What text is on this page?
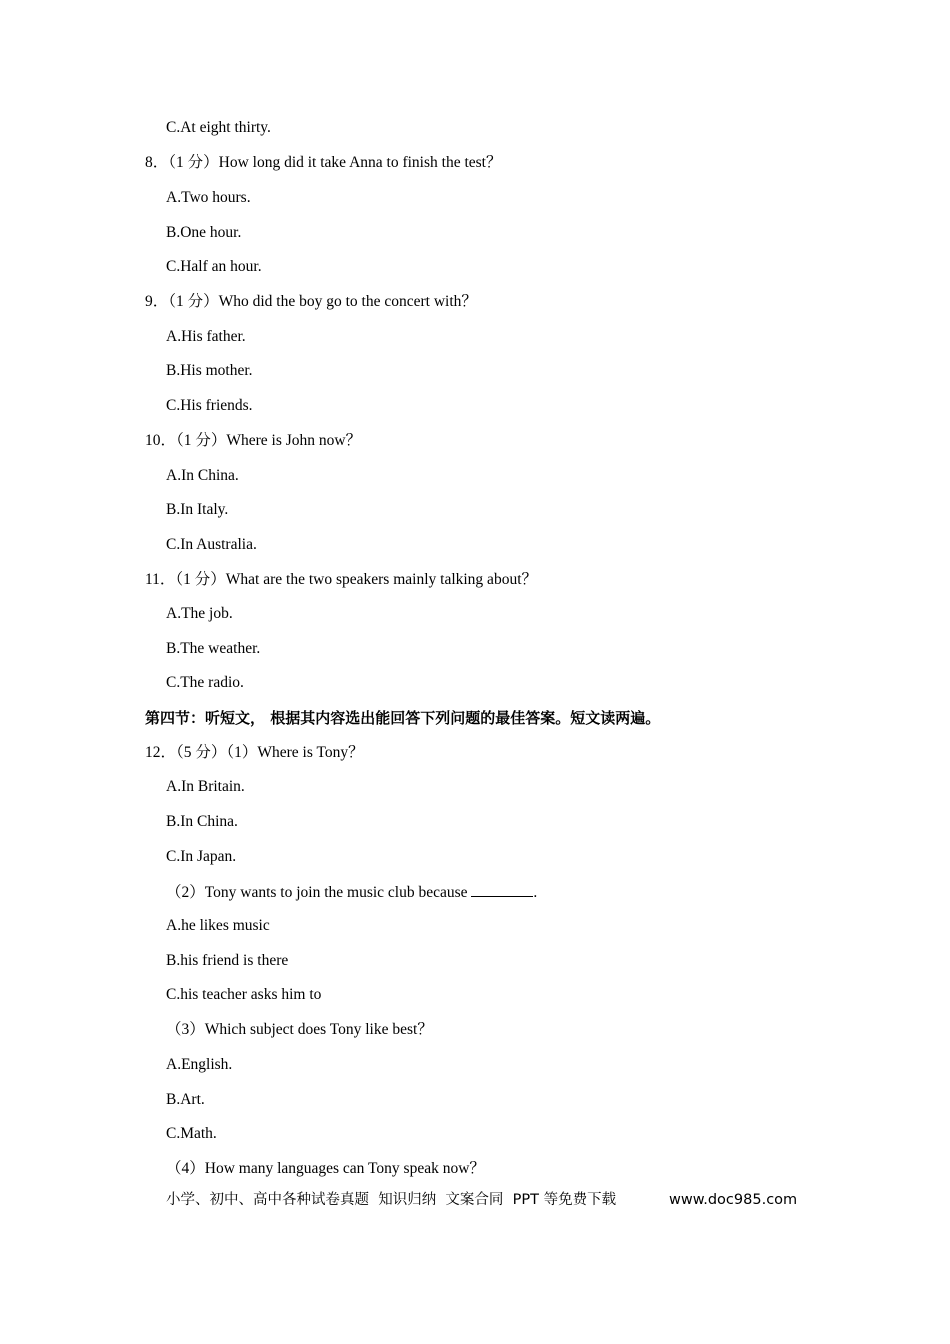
C.At eight thirty.
8．（1 分）How long did it take Anna to finish the test？
A.Two hours.
B.One hour.
C.Half an hour.
9．（1 分）Who did the boy go to the concert with？
A.His father.
B.His mother.
C.His friends.
10．（1 分）Where is John now？
A.In China.
B.In Italy.
C.In Australia.
11．（1 分）What are the two speakers mainly talking about？
A.The job.
B.The weather.
C.The radio.
第四节：听短文， 根据其内容选出能回答下列问题的最佳答案。短文读两遍。
12．（5 分）（1）Where is Tony？
A.In Britain.
B.In China.
C.In Japan.
（2）Tony wants to join the music club because	.
A.he likes music
B.his friend is there
C.his teacher asks him to
（3）Which subject does Tony like best？
A.English.
B.Art.
C.Math.
（4）How many languages can Tony speak now？
小学、初中、高中各种试卷真题  知识归纳  文案合同  PPT 等免费下载	www.doc985.com
